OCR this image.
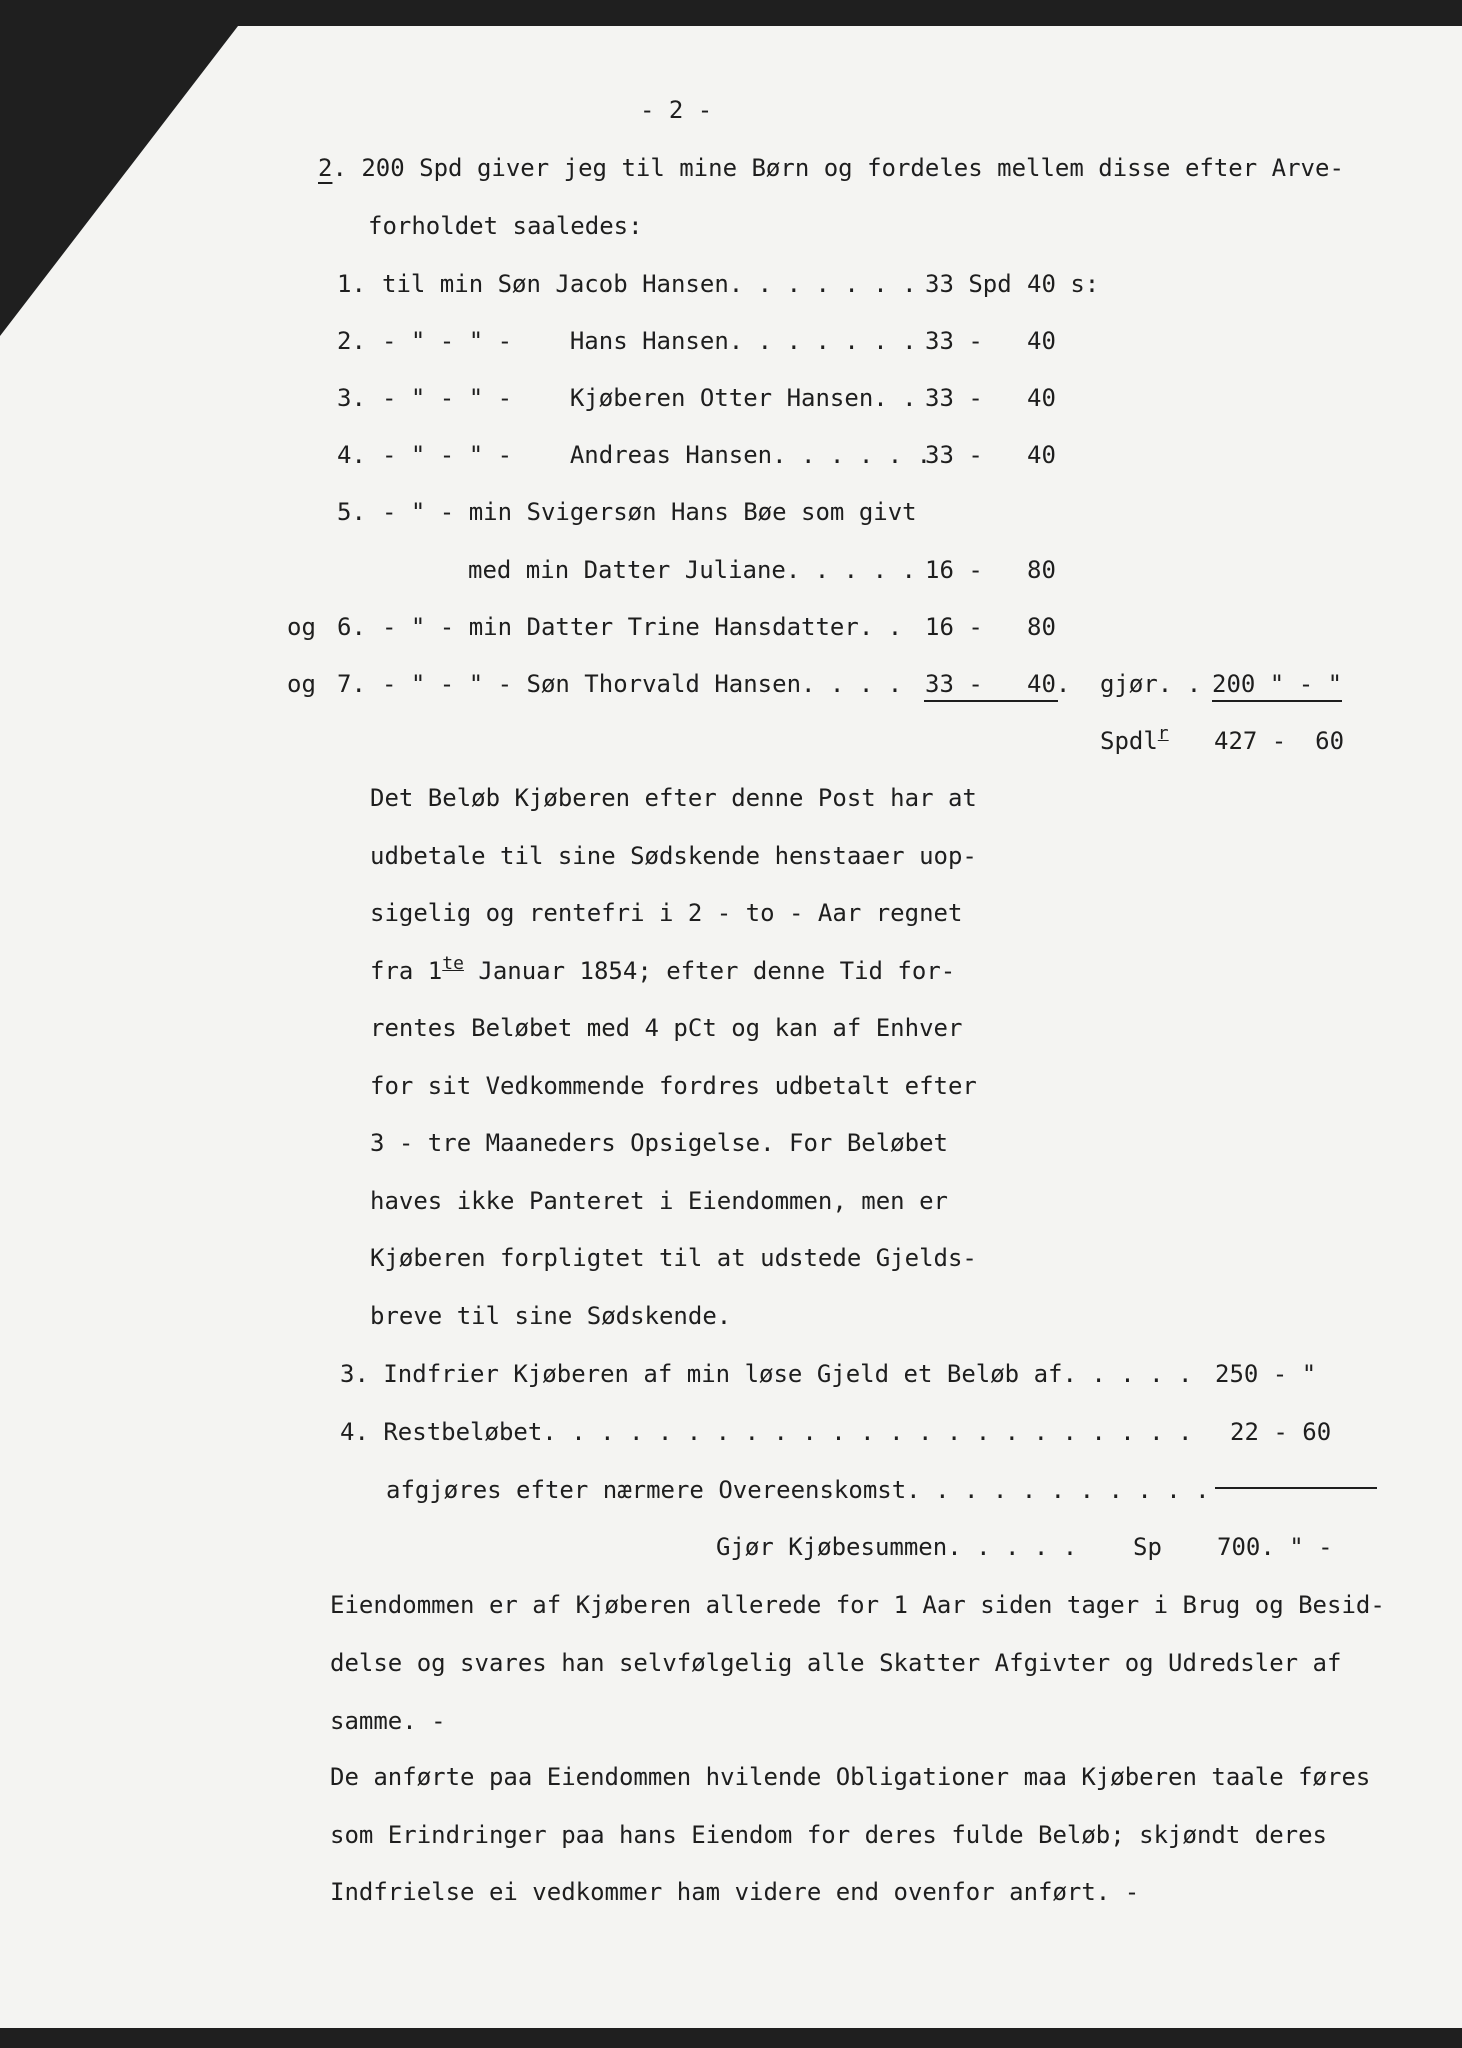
- 2 -
2. 200 Spd giver jeg til mine Børn og fordeles mellem disse efter Arve-
forholdet saaledes:
1. til min Søn Jacob Hansen. . . . . . . 33 Spd 40 s:
2. - " - " -    Hans Hansen. . . . . . . 33 - 40
3. - " - " -    Kjøberen Otter Hansen. . 33 - 40
4. - " - " -    Andreas Hansen. . . . . .
33 - 40
5. - " - min Svigersøn Hans Bøe som givt
med min Datter Juliane. . . . . 16 - 80
og 6. - " - min Datter Trine Hansdatter. . 16 - 80
og 7. - " - " - Søn Thorvald Hansen. . . . 33 - 40. gjør. . 200 " - "
Spdl$^r$ 427 -  60
Det Beløb Kjøberen efter denne Post har at
udbetale til sine Sødskende henstaaer uop-
sigelig og rentefri i 2 - to - Aar regnet
fra $1^{te}$ Januar 1854; efter denne Tid for-
rentes Beløbet med 4 pCt og kan af Enhver
for sit Vedkommende fordres udbetalt efter
3 - tre Maaneders Opsigelse. For Beløbet
haves ikke Panteret i Eiendommen, men er
Kjøberen forpligtet til at udstede Gjelds-
breve til sine Sødskende.
3. Indfrier Kjøberen af min løse Gjeld et Beløb af. . . . . 250 - "
4. Restbeløbet. . . . . . . . . . . . . . . . . . . . . . . 22 - 60
afgjøres efter nærmere Overeenskomst. . . . . . . . . . .
Gjør Kjøbesummen. . . . . Sp 700. " -
Eiendommen er af Kjøberen allerede for 1 Aar siden tager i Brug og Besid-
delse og svares han selvfølgelig alle Skatter Afgivter og Udredsler af
samme. -
De anførte paa Eiendommen hvilende Obligationer maa Kjøberen taale føres
som Erindringer paa hans Eiendom for deres fulde Beløb; skjøndt deres
Indfrielse ei vedkommer ham videre end ovenfor anført. -
